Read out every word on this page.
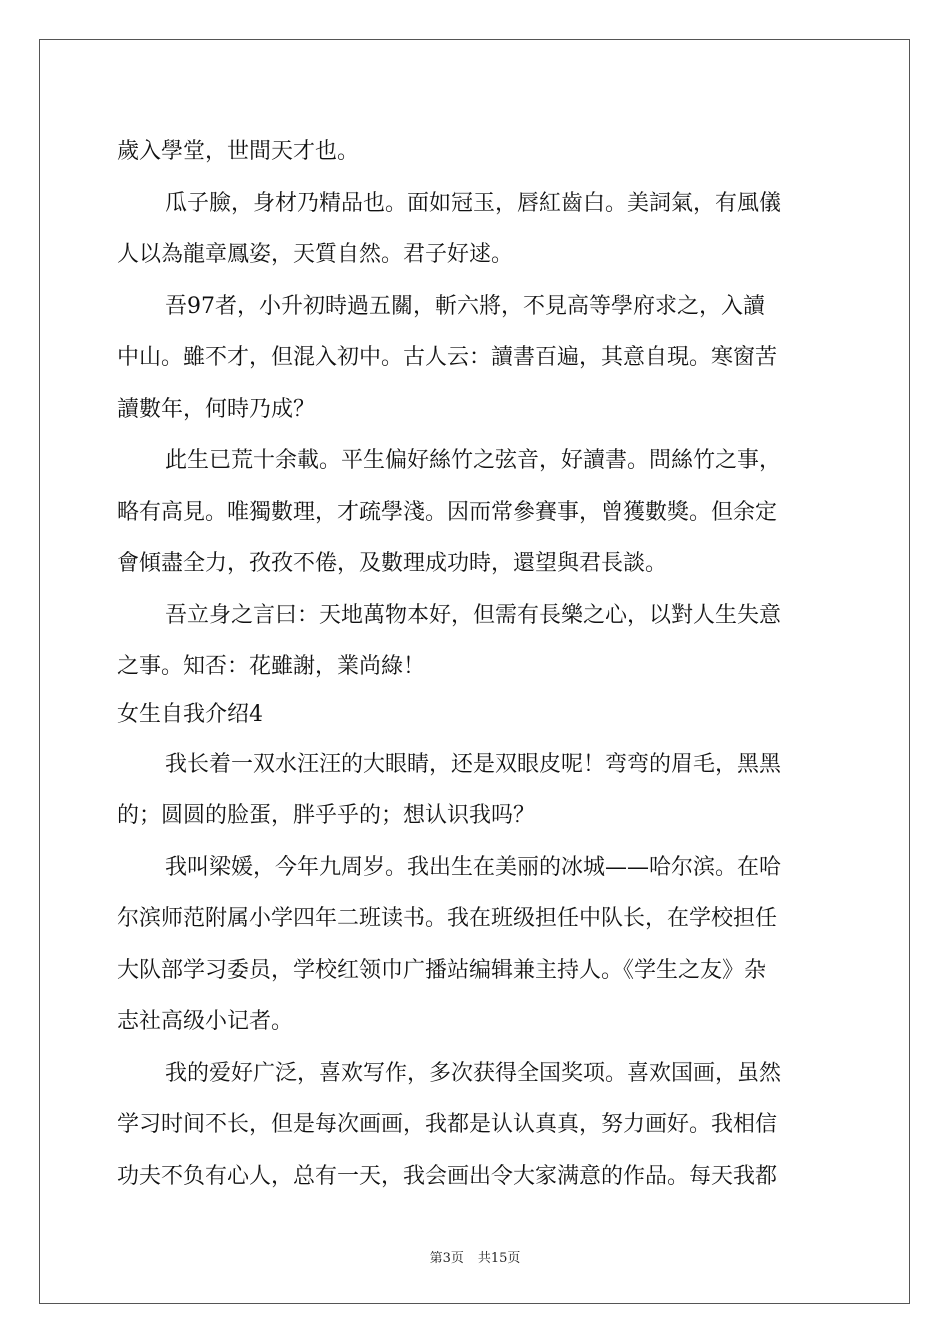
歲入學堂，世間天才也。
瓜子臉，身材乃精品也。面如冠玉，唇紅齒白。美詞氣，有風儀
人以為龍章鳳姿，天質自然。君子好逑。
吾97者，小升初時過五關，斬六將，不見高等學府求之，入讀
中山。雖不才，但混入初中。古人云：讀書百遍，其意自現。寒窗苦
讀數年，何時乃成？
此生已荒十余載。平生偏好絲竹之弦音，好讀書。問絲竹之事，
略有高見。唯獨數理，才疏學淺。因而常參賽事，曾獲數獎。但余定
會傾盡全力，孜孜不倦，及數理成功時，還望與君長談。
吾立身之言曰：天地萬物本好，但需有長樂之心，以對人生失意
之事。知否：花雖謝，業尚綠！
女生自我介绍4
我长着一双水汪汪的大眼睛，还是双眼皮呢！弯弯的眉毛，黑黑
的；圆圆的脸蛋，胖乎乎的；想认识我吗？
我叫梁媛，今年九周岁。我出生在美丽的冰城——哈尔滨。在哈
尔滨师范附属小学四年二班读书。我在班级担任中队长，在学校担任
大队部学习委员，学校红领巾广播站编辑兼主持人。《学生之友》杂
志社高级小记者。
我的爱好广泛，喜欢写作，多次获得全国奖项。喜欢国画，虽然
学习时间不长，但是每次画画，我都是认认真真，努力画好。我相信
功夫不负有心人，总有一天，我会画出令大家满意的作品。每天我都
第3页 共15页
